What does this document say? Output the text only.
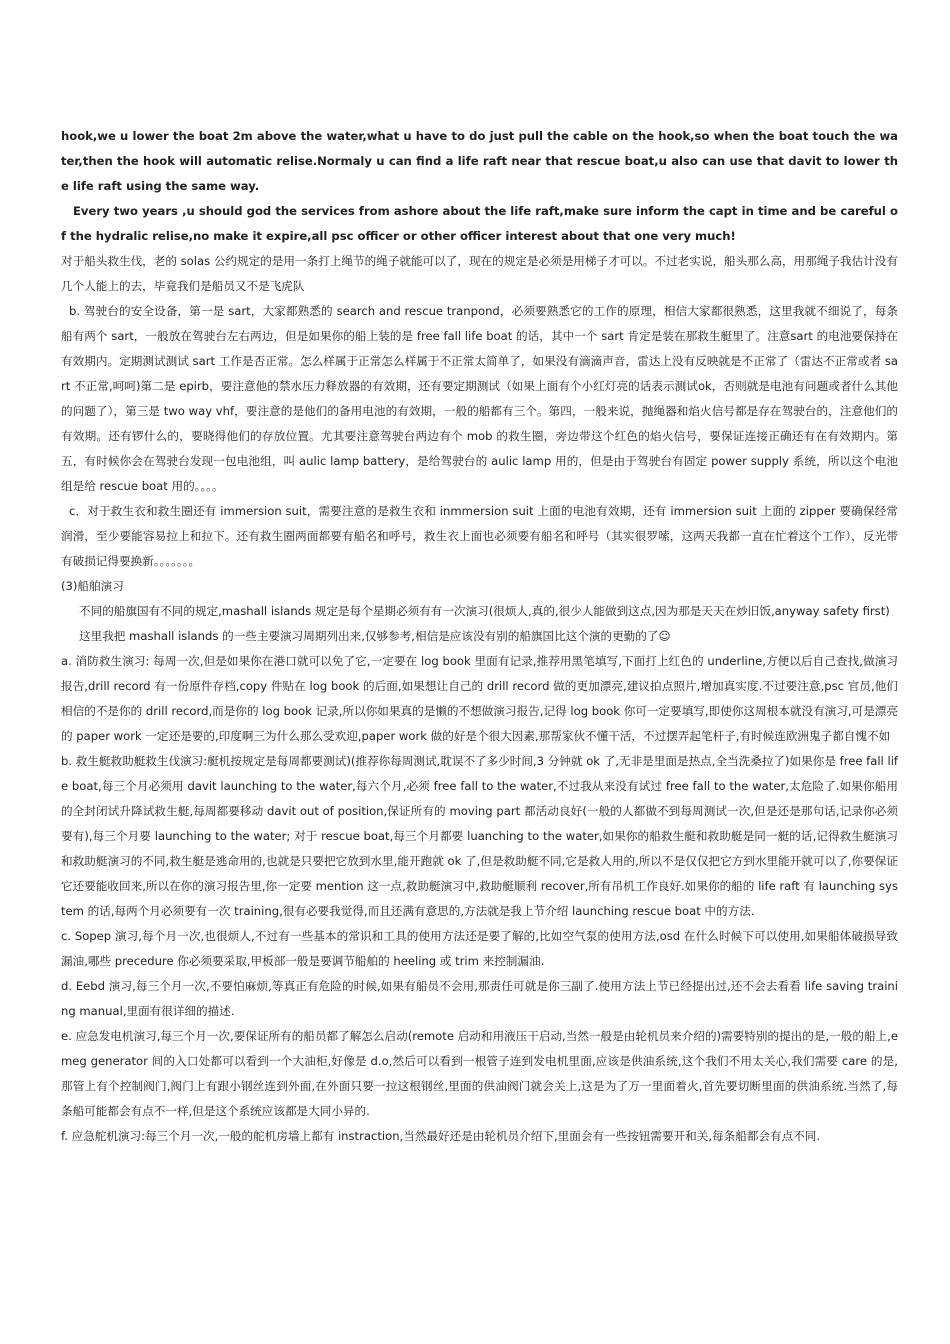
hook,we u lower the boat 2m above the water,what u have to do just pull the cable on the hook,so when the boat touch the water,then the hook will automatic relise.Normaly u can find a life raft near that rescue boat,u also can use that davit to lower the life raft using the same way.

Every two years ,u should god the services from ashore about the life raft,make sure inform the capt in time and be careful of the hydralic relise,no make it expire,all psc officer or other officer interest about that one very much!

对于船头救生伐，老的 solas 公约规定的是用一条打上绳节的绳子就能可以了，现在的规定是必须是用梯子才可以。不过老实说，船头那么高，用那绳子我估计没有几个人能上的去，毕竟我们是船员又不是飞虎队

b. 驾驶台的安全设备，第一是 sart，大家都熟悉的 search and rescue tranpond，必须要熟悉它的工作的原理，相信大家都很熟悉，这里我就不细说了，每条船有两个 sart，一般放在驾驶台左右两边，但是如果你的船上装的是 free fall life boat 的话，其中一个 sart 肯定是装在那救生艇里了。注意sart 的电池要保持在有效期内。定期测试测试 sart 工作是否正常。怎么样属于正常怎么样属于不正常太简单了，如果没有滴滴声音，雷达上没有反映就是不正常了（雷达不正常或者 sart 不正常,呵呵)第二是 epirb，要注意他的禁水压力释放器的有效期，还有要定期测试（如果上面有个小红灯亮的话表示测试ok，否则就是电池有问题或者什么其他的问题了），第三是 two way vhf，要注意的是他们的备用电池的有效期，一般的船都有三个。第四，一般来说，抛绳器和焰火信号都是存在驾驶台的，注意他们的有效期。还有锣什么的，要晓得他们的存放位置。尤其要注意驾驶台两边有个 mob 的救生圈，旁边带这个红色的焰火信号，要保证连接正确还有在有效期内。第五，有时候你会在驾驶台发现一包电池组，叫 aulic lamp battery，是给驾驶台的 aulic lamp 用的，但是由于驾驶台有固定 power supply 系统，所以这个电池组是给 rescue boat 用的。。。。

c．对于救生衣和救生圈还有 immersion suit，需要注意的是救生衣和 inmmersion suit 上面的电池有效期，还有 immersion suit 上面的 zipper 要确保经常润滑，至少要能容易拉上和拉下。还有救生圈两面都要有船名和呼号，救生衣上面也必须要有船名和呼号（其实很罗嗦，这两天我都一直在忙着这个工作），反光带有破损记得要换新。。。。。。。

(3)船舶演习

不同的船旗国有不同的规定,mashall islands 规定是每个星期必须有有一次演习(很烦人,真的,很少人能做到这点,因为那是天天在炒旧饭,anyway safety first)

这里我把 mashall islands 的一些主要演习周期列出来,仅够参考,相信是应该没有别的船旗国比这个演的更勤的了☺

a. 消防救生演习: 每周一次,但是如果你在港口就可以免了它,一定要在 log book 里面有记录,推荐用黑笔填写,下面打上红色的 underline,方便以后自己查找,做演习报告,drill record 有一份原件存档,copy 件贴在 log book 的后面,如果想让自己的 drill record 做的更加漂亮,建议拍点照片,增加真实度.不过要注意,psc 官员,他们相信的不是你的 drill record,而是你的 log book 记录,所以你如果真的是懒的不想做演习报告,记得 log book 你可一定要填写,即使你这周根本就没有演习,可是漂亮的 paper work 一定还是要的,印度啊三为什么那么受欢迎,paper work 做的好是个很大因素,那帮家伙不懂干活，不过摆弄起笔杆子,有时候连欧洲鬼子都自愧不如

b. 救生艇救助艇救生伐演习:艇机按规定是每周都要测试)(推荐你每周测试,耽误不了多少时间,3 分钟就 ok 了,无非是里面是热点,全当洗桑拉了)如果你是 free fall life boat,每三个月必须用 davit launching to the water,每六个月,必须 free fall to the water,不过我从来没有试过 free fall to the water,太危险了.如果你船用的全封闭试升降试救生艇,每周都要移动 davit out of position,保证所有的 moving part 都活动良好(一般的人都做不到每周测试一次,但是还是那句话,记录你必须要有),每三个月要 launching to the water; 对于 rescue boat,每三个月都要 luanching to the water,如果你的船救生艇和救助艇是同一艇的话,记得救生艇演习和救助艇演习的不同,救生艇是逃命用的,也就是只要把它放到水里,能开跑就 ok 了,但是救助艇不同,它是救人用的,所以不是仅仅把它方到水里能开就可以了,你要保证它还要能收回来,所以在你的演习报告里,你一定要 mention 这一点,救助艇演习中,救助艇顺利 recover,所有吊机工作良好.如果你的船的 life raft 有 launching system 的话,每两个月必须要有一次 training,很有必要我觉得,而且还满有意思的,方法就是我上节介绍 launching rescue boat 中的方法.

c. Sopep 演习,每个月一次,也很烦人,不过有一些基本的常识和工具的使用方法还是要了解的,比如空气泵的使用方法,osd 在什么时候下可以使用,如果船体破损导致漏油,哪些 precedure 你必须要采取,甲板部一般是要调节船舶的 heeling 或 trim 来控制漏油.

d. Eebd 演习,每三个月一次,不要怕麻烦,等真正有危险的时候,如果有船员不会用,那责任可就是你三副了.使用方法上节已经提出过,还不会去看看 life saving training manual,里面有很详细的描述.

e. 应急发电机演习,每三个月一次,要保证所有的船员都了解怎么启动(remote 启动和用液压干启动,当然一般是由轮机员来介绍的)需要特别的提出的是,一般的船上,emeg generator 间的入口处都可以看到一个大油柜,好像是 d.o,然后可以看到一根管子连到发电机里面,应该是供油系统,这个我们不用太关心,我们需要 care 的是,那管上有个控制阀门,阀门上有跟小钢丝连到外面,在外面只要一拉这根钢丝,里面的供油阀门就会关上,这是为了万一里面着火,首先要切断里面的供油系统.当然了,每条船可能都会有点不一样,但是这个系统应该都是大同小异的.

f. 应急舵机演习:每三个月一次,一般的舵机房墙上都有 instraction,当然最好还是由轮机员介绍下,里面会有一些按钮需要开和关,每条船都会有点不同.
